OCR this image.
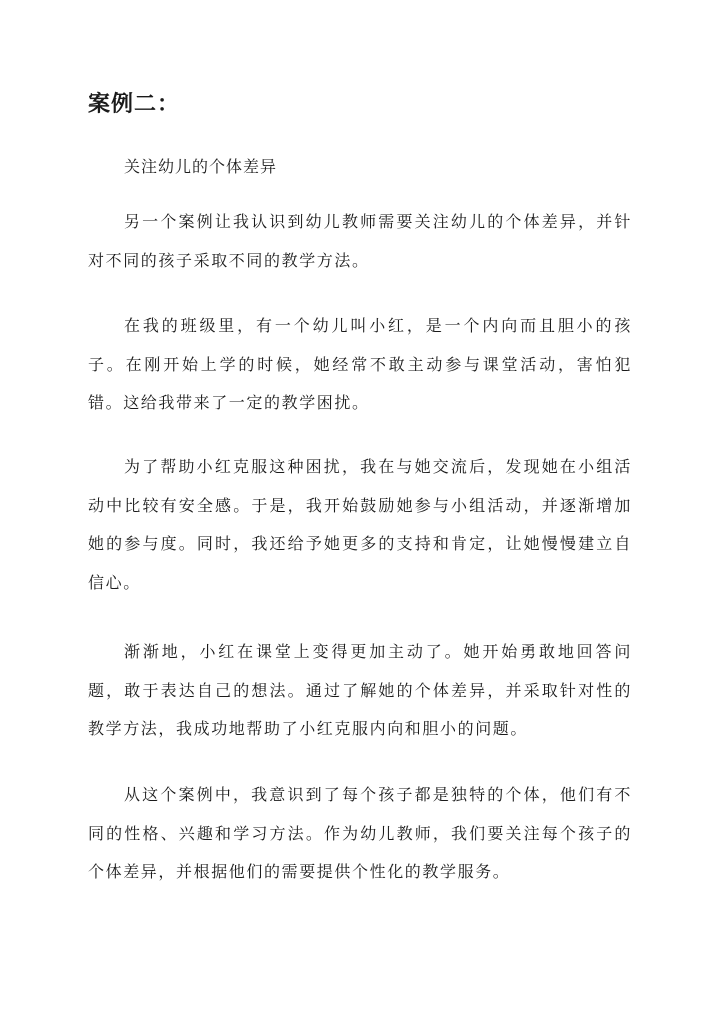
案例二：

关注幼儿的个体差异

另一个案例让我认识到幼儿教师需要关注幼儿的个体差异，并针对不同的孩子采取不同的教学方法。

在我的班级里，有一个幼儿叫小红，是一个内向而且胆小的孩子。在刚开始上学的时候，她经常不敢主动参与课堂活动，害怕犯错。这给我带来了一定的教学困扰。

为了帮助小红克服这种困扰，我在与她交流后，发现她在小组活动中比较有安全感。于是，我开始鼓励她参与小组活动，并逐渐增加她的参与度。同时，我还给予她更多的支持和肯定，让她慢慢建立自信心。

渐渐地，小红在课堂上变得更加主动了。她开始勇敢地回答问题，敢于表达自己的想法。通过了解她的个体差异，并采取针对性的教学方法，我成功地帮助了小红克服内向和胆小的问题。

从这个案例中，我意识到了每个孩子都是独特的个体，他们有不同的性格、兴趣和学习方法。作为幼儿教师，我们要关注每个孩子的个体差异，并根据他们的需要提供个性化的教学服务。
